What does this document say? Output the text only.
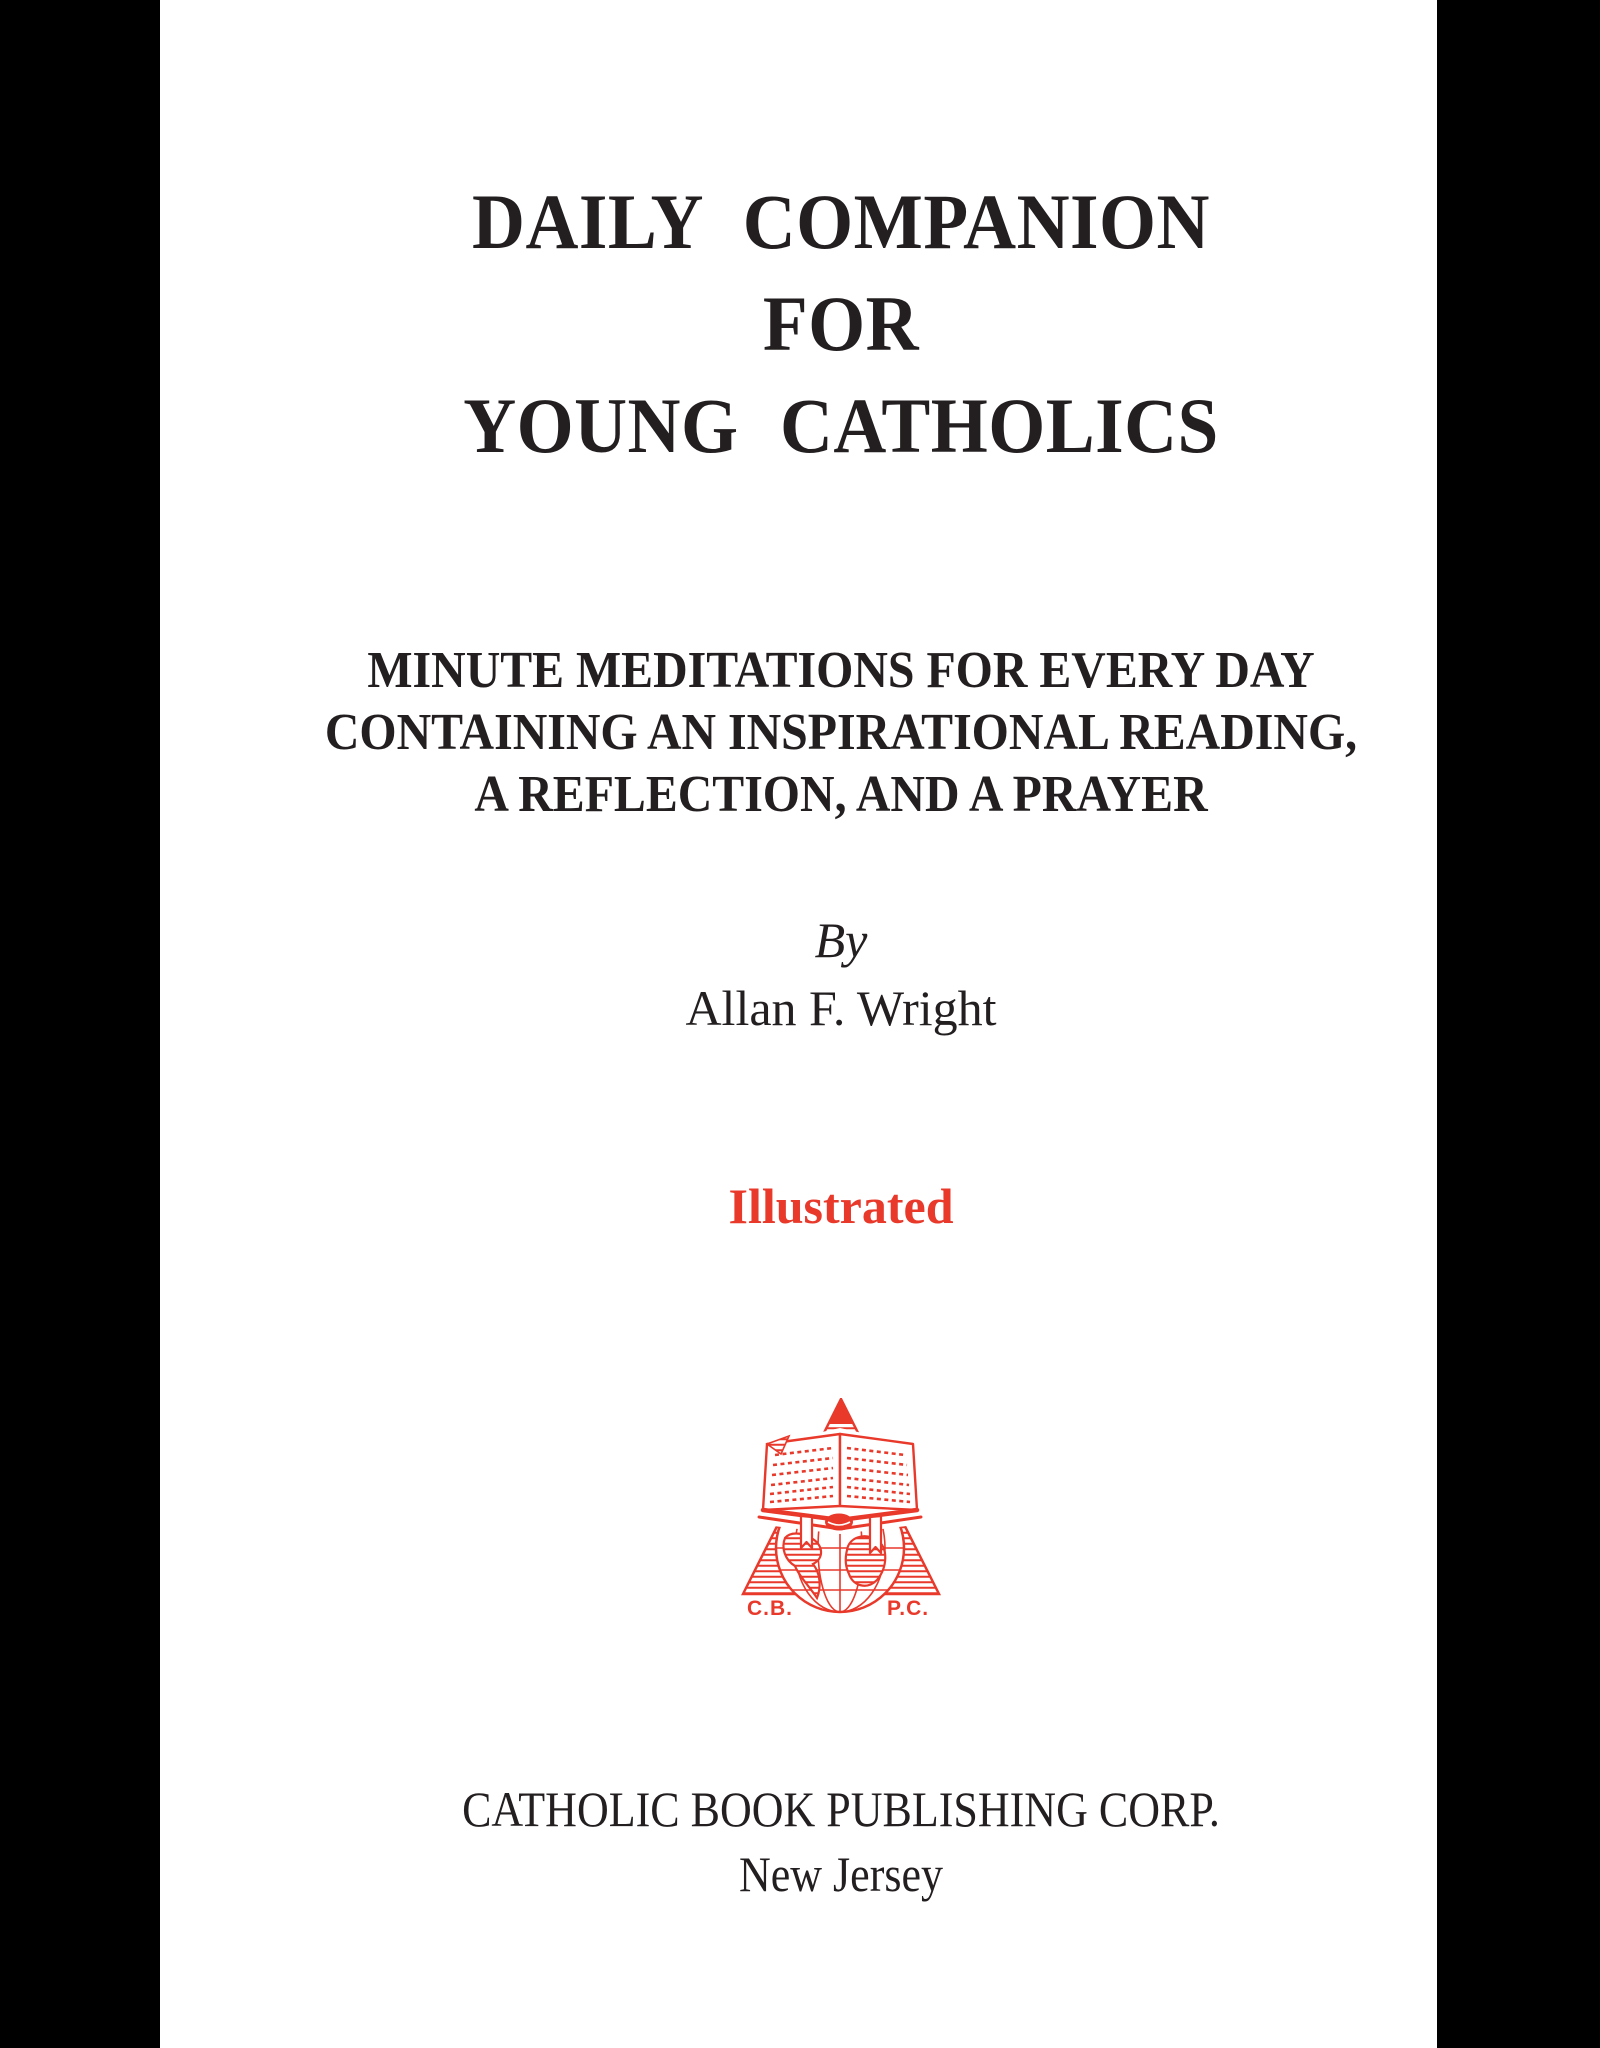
DAILY COMPANION
FOR
YOUNG CATHOLICS
MINUTE MEDITATIONS FOR EVERY DAY
CONTAINING AN INSPIRATIONAL READING,
A REFLECTION, AND A PRAYER
By
Allan F. Wright
Illustrated
C.B.	P.C.
CATHOLIC BOOK PUBLISHING CORP.
New Jersey
